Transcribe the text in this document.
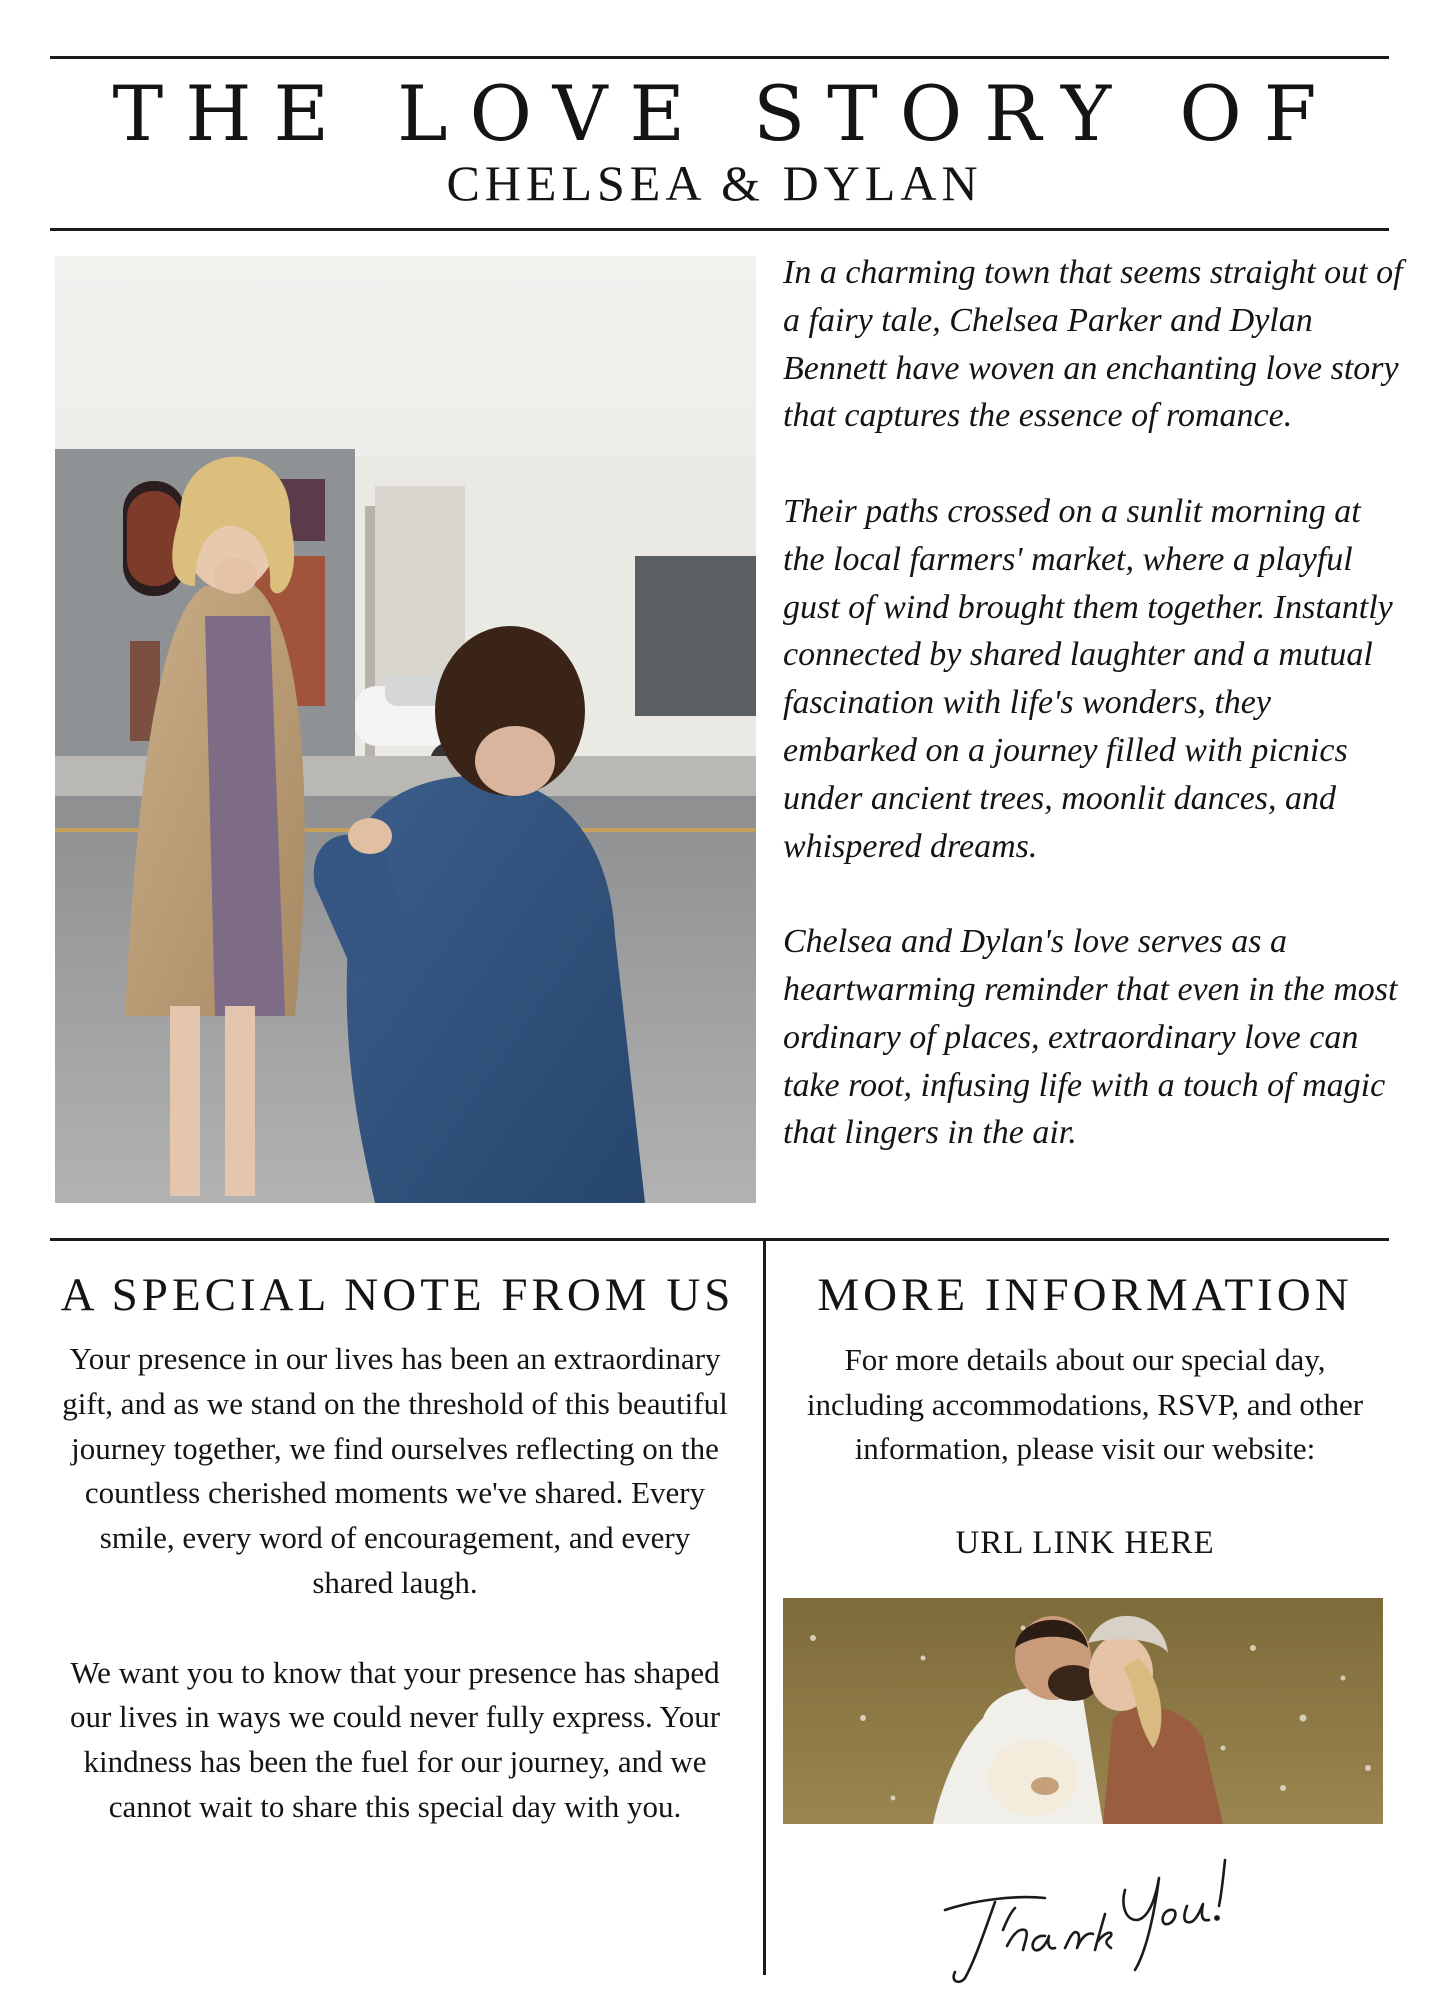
THE LOVE STORY OF
CHELSEA & DYLAN

In a charming town that seems straight out of a fairy tale, Chelsea Parker and Dylan Bennett have woven an enchanting love story that captures the essence of romance.

Their paths crossed on a sunlit morning at the local farmers' market, where a playful gust of wind brought them together. Instantly connected by shared laughter and a mutual fascination with life's wonders, they embarked on a journey filled with picnics under ancient trees, moonlit dances, and whispered dreams.

Chelsea and Dylan's love serves as a heartwarming reminder that even in the most ordinary of places, extraordinary love can take root, infusing life with a touch of magic that lingers in the air.

A SPECIAL NOTE FROM US

Your presence in our lives has been an extraordinary gift, and as we stand on the threshold of this beautiful journey together, we find ourselves reflecting on the countless cherished moments we've shared. Every smile, every word of encouragement, and every shared laugh.

We want you to know that your presence has shaped our lives in ways we could never fully express. Your kindness has been the fuel for our journey, and we cannot wait to share this special day with you.

MORE INFORMATION

For more details about our special day, including accommodations, RSVP, and other information, please visit our website:

URL LINK HERE
